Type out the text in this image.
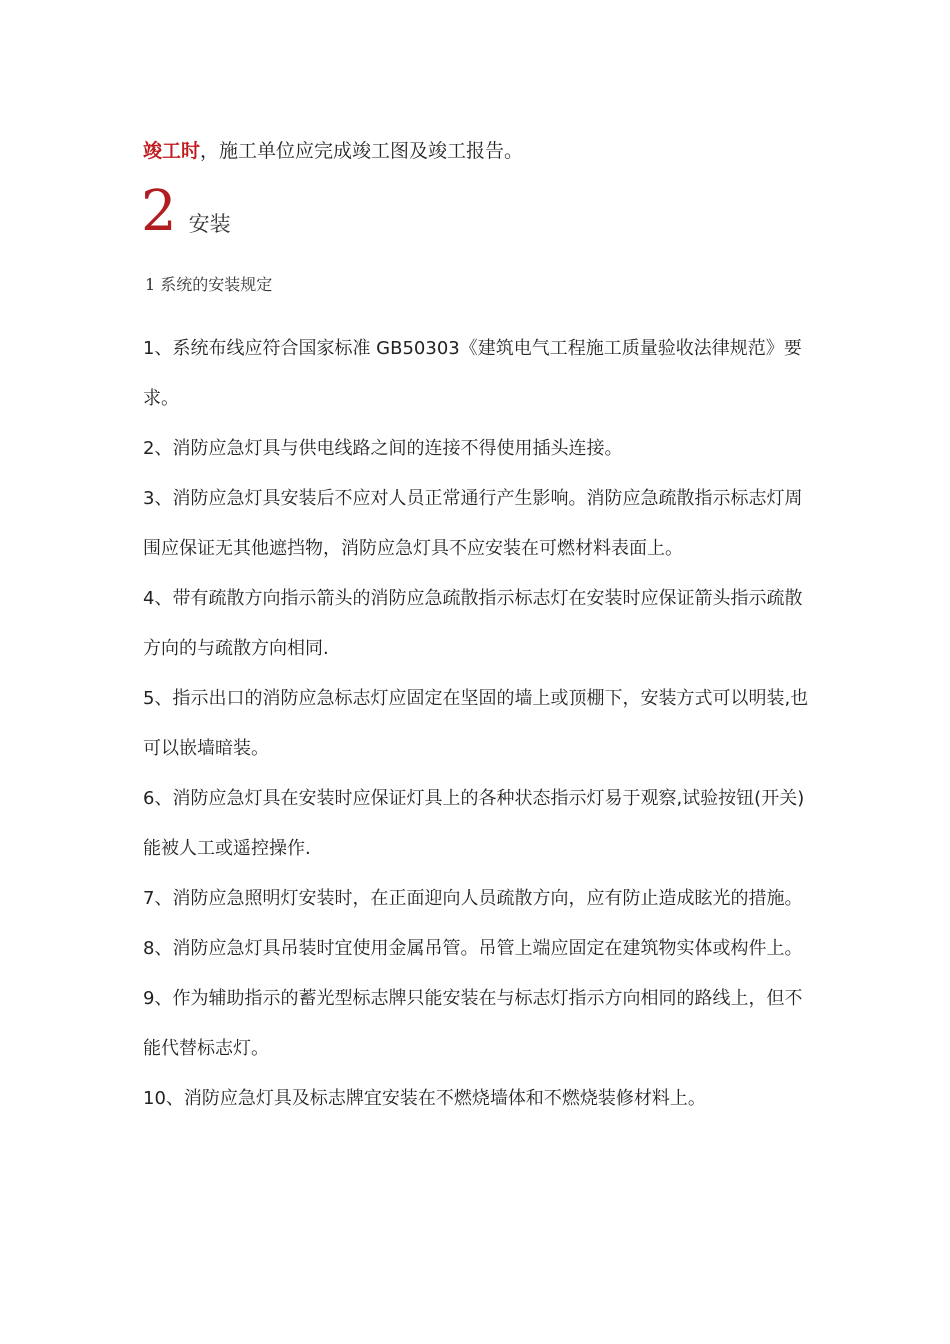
竣工时，施工单位应完成竣工图及竣工报告。
2 安装
1 系统的安装规定
1、系统布线应符合国家标准 GB50303《建筑电气工程施工质量验收法律规范》要求。
2、消防应急灯具与供电线路之间的连接不得使用插头连接。
3、消防应急灯具安装后不应对人员正常通行产生影响。消防应急疏散指示标志灯周围应保证无其他遮挡物，消防应急灯具不应安装在可燃材料表面上。
4、带有疏散方向指示箭头的消防应急疏散指示标志灯在安装时应保证箭头指示疏散方向的与疏散方向相同.
5、指示出口的消防应急标志灯应固定在坚固的墙上或顶棚下，安装方式可以明装,也可以嵌墙暗装。
6、消防应急灯具在安装时应保证灯具上的各种状态指示灯易于观察,试验按钮(开关)能被人工或遥控操作.
7、消防应急照明灯安装时，在正面迎向人员疏散方向，应有防止造成眩光的措施。
8、消防应急灯具吊装时宜使用金属吊管。吊管上端应固定在建筑物实体或构件上。
9、作为辅助指示的蓄光型标志牌只能安装在与标志灯指示方向相同的路线上，但不能代替标志灯。
10、消防应急灯具及标志牌宜安装在不燃烧墙体和不燃烧装修材料上。
